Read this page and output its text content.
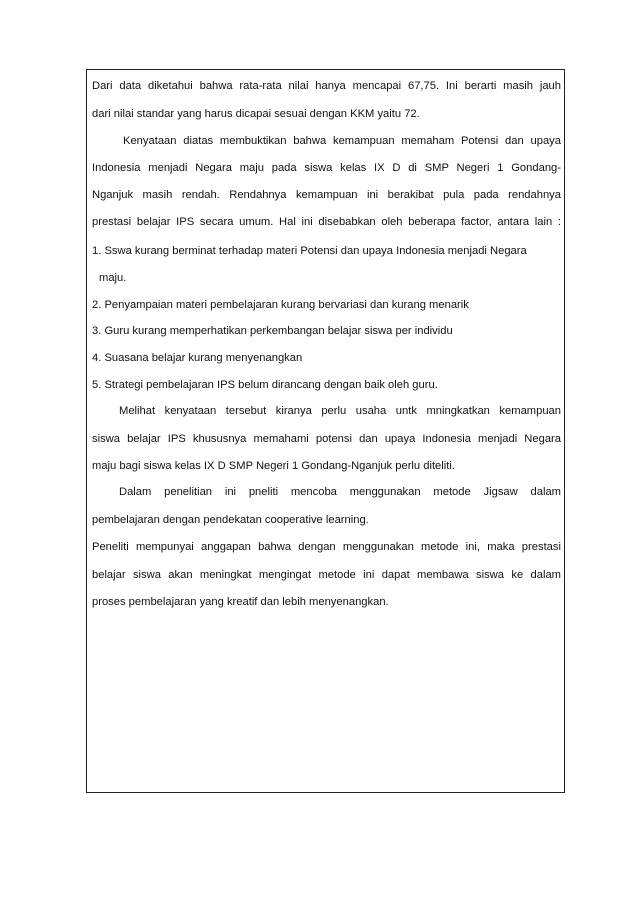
Dari data diketahui bahwa rata-rata nilai hanya mencapai 67,75. Ini berarti masih jauh
dari nilai standar yang harus dicapai sesuai dengan KKM yaitu 72.
Kenyataan diatas membuktikan bahwa kemampuan memaham Potensi dan upaya
Indonesia menjadi Negara maju pada siswa kelas IX D di SMP Negeri 1 Gondang-
Nganjuk masih rendah. Rendahnya kemampuan ini berakibat pula pada rendahnya
prestasi belajar IPS secara umum. Hal ini disebabkan oleh beberapa factor, antara lain :
1. Sswa kurang berminat terhadap materi Potensi dan upaya Indonesia menjadi Negara
maju.
2. Penyampaian materi pembelajaran kurang bervariasi dan kurang menarik
3. Guru kurang memperhatikan perkembangan belajar siswa per individu
4. Suasana belajar kurang menyenangkan
5. Strategi pembelajaran IPS belum dirancang dengan baik oleh guru.
Melihat kenyataan tersebut kiranya perlu usaha untk mningkatkan kemampuan
siswa belajar IPS khususnya memahami potensi dan upaya Indonesia menjadi Negara
maju bagi siswa kelas IX D SMP Negeri 1 Gondang-Nganjuk perlu diteliti.
Dalam penelitian ini pneliti mencoba menggunakan metode Jigsaw dalam
pembelajaran dengan pendekatan cooperative learning.
Peneliti mempunyai anggapan bahwa dengan menggunakan metode ini, maka prestasi
belajar siswa akan meningkat mengingat metode ini dapat membawa siswa ke dalam
proses pembelajaran yang kreatif dan lebih menyenangkan.
